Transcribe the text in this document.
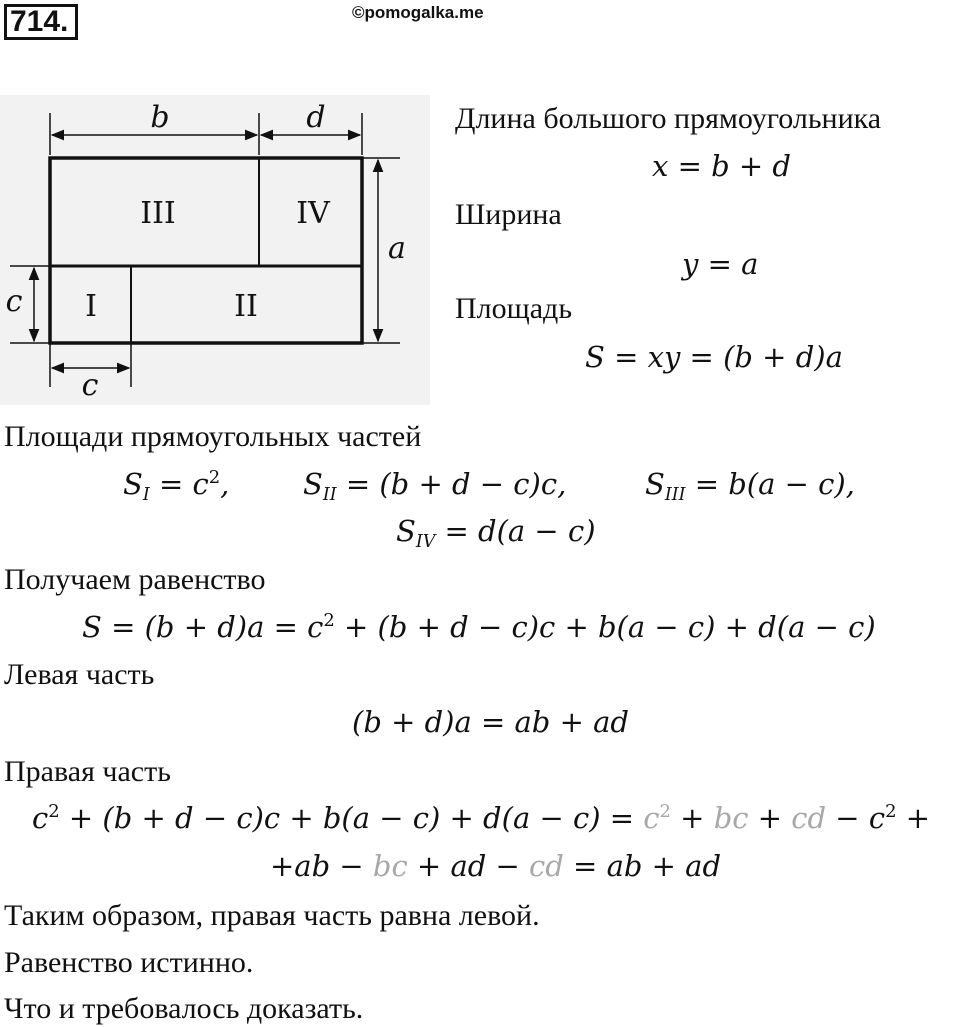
714.	©pomogalka.me
b	d
a
c
c
III	IV
I	II
Длина большого прямоугольника
x = b + d
Ширина
y = a
Площадь
S = xy = (b + d)a
Площади прямоугольных частей
$S_I = c^2$,	$S_{II} = (b + d - c)c$,	$S_{III} = b(a - c)$,
$S_{IV} = d(a - c)$
Получаем равенство
$S = (b + d)a = c^2 + (b + d - c)c + b(a - c) + d(a - c)$
Левая часть
(b + d)a = ab + ad
Правая часть
$c^2 + (b + d - c)c + b(a - c) + d(a - c) = c^2$ + bc + cd − $c^2$ +
+ab − bc + ad − cd = ab + ad
Таким образом, правая часть равна левой.
Равенство истинно.
Что и требовалось доказать.
